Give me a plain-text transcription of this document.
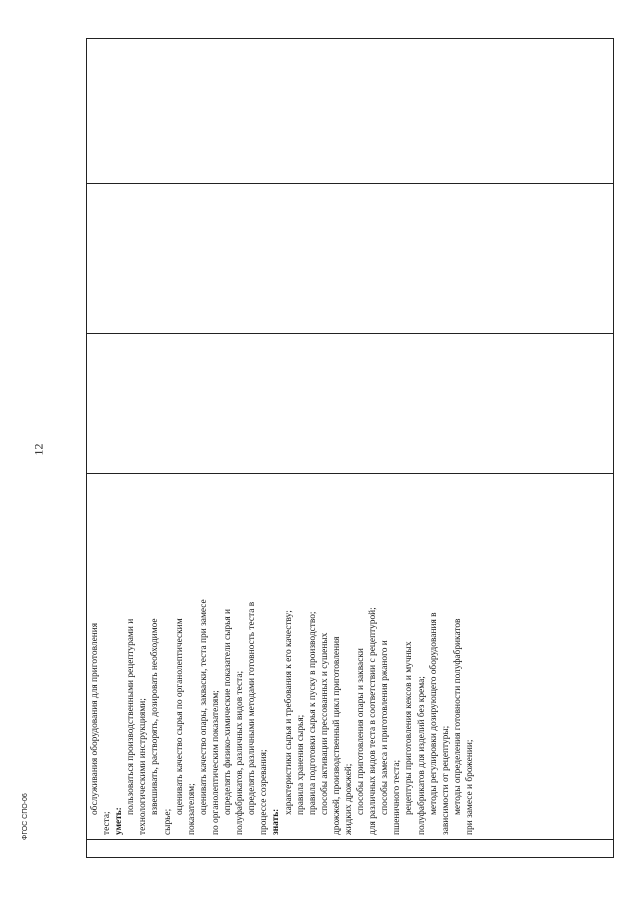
обслуживания оборудования для приготовления
теста; уметь:
пользоваться производственными рецептурами и технологическими инструкциями; взвешивать, растворять, дозировать необходимое
сырье;
оценивать качество сырья по органолептическим показателям; оценивать качество опары, закваски, теста при замесе по органолептическим показателям; определять физико-химические показатели сырья и полуфабрикатов, различных видов теста; определять различными методами готовность теста в процессе созревания; знать:
характеристики сырья и требования к его качеству; правила хранения сырья; правила подготовки сырья к пуску в производство; способы активации прессованных и сушеных дрожжей, производственный цикл приготовления жидких дрожжей; способы приготовления опары и закваски для различных видов теста в соответствии с рецептурой; способы замеса и приготовления ржаного и пшеничного теста; рецептуры приготовления кексов и мучных полуфабрикатов для изделий без крема; методы регулировки дозирующего оборудования в зависимости от рецептуры; методы определения готовности полуфабрикатов при замесе и брожении;
12
ФГОС СПО-06
